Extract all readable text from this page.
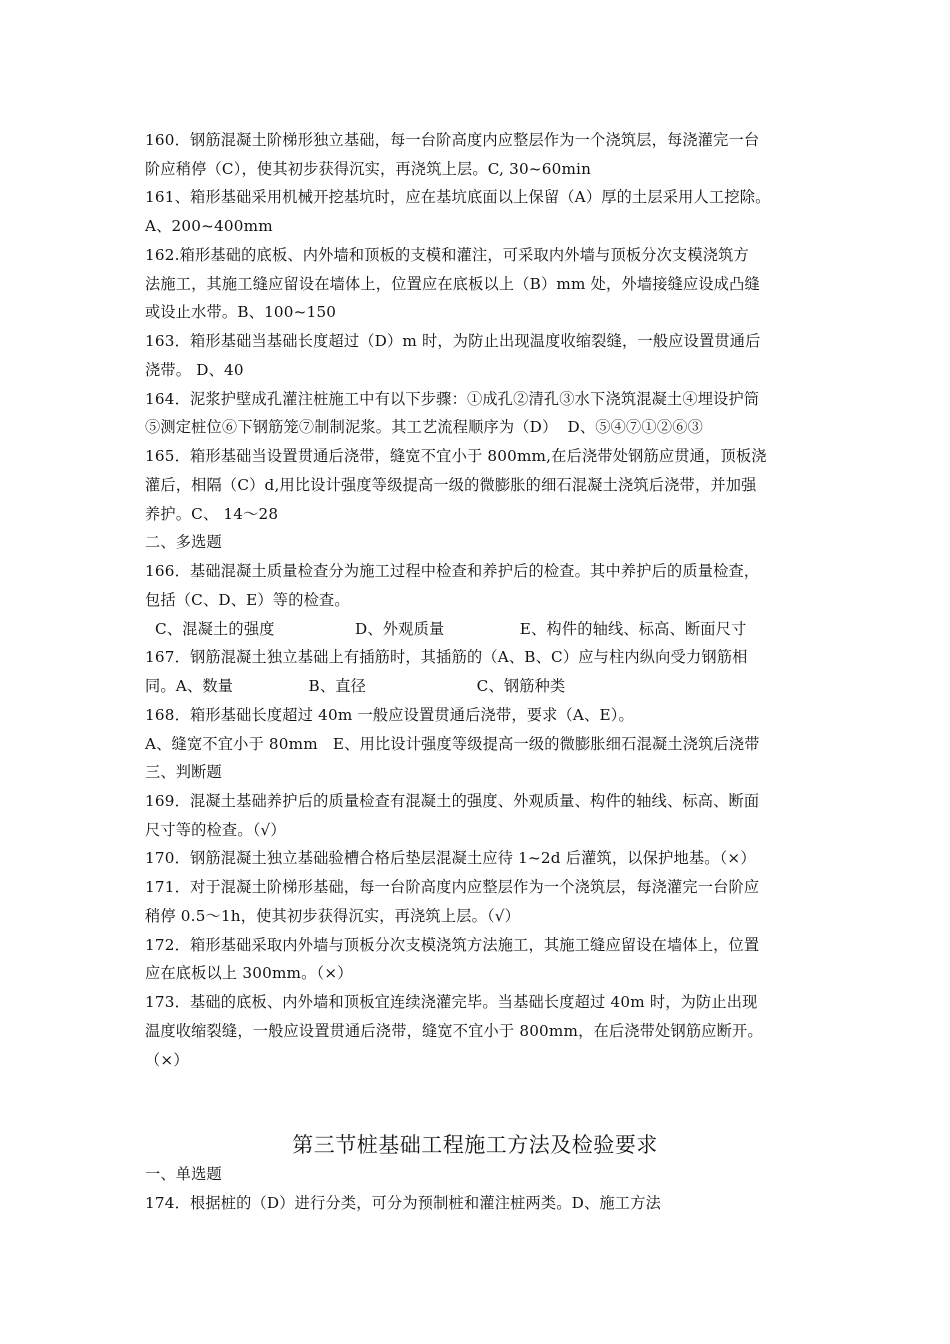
160．钢筋混凝土阶梯形独立基础，每一台阶高度内应整层作为一个浇筑层，每浇灌完一台
阶应稍停（C），使其初步获得沉实，再浇筑上层。C, 30~60min
161、箱形基础采用机械开挖基坑时，应在基坑底面以上保留（A）厚的土层采用人工挖除。
A、200~400mm
162.箱形基础的底板、内外墙和顶板的支模和灌注，可采取内外墙与顶板分次支模浇筑方
法施工，其施工缝应留设在墙体上，位置应在底板以上（B）mm 处，外墙接缝应设成凸缝
或设止水带。B、100~150
163．箱形基础当基础长度超过（D）m 时，为防止出现温度收缩裂缝，一般应设置贯通后
浇带。 D、40
164．泥浆护壁成孔灌注桩施工中有以下步骤：①成孔②清孔③水下浇筑混凝土④埋设护筒
⑤测定桩位⑥下钢筋笼⑦制制泥浆。其工艺流程顺序为（D）  D、⑤④⑦①②⑥③
165．箱形基础当设置贯通后浇带，缝宽不宜小于 800mm,在后浇带处钢筋应贯通，顶板浇
灌后，相隔（C）d,用比设计强度等级提高一级的微膨胀的细石混凝土浇筑后浇带，并加强
养护。C、 14～28
二、多选题
166．基础混凝土质量检查分为施工过程中检查和养护后的检查。其中养护后的质量检查，
包括（C、D、E）等的检查。
C、混凝土的强度                D、外观质量               E、构件的轴线、标高、断面尺寸
167．钢筋混凝土独立基础上有插筋时，其插筋的（A、B、C）应与柱内纵向受力钢筋相
同。A、数量               B、直径                      C、钢筋种类
168．箱形基础长度超过 40m 一般应设置贯通后浇带，要求（A、E）。
A、缝宽不宜小于 80mm   E、用比设计强度等级提高一级的微膨胀细石混凝土浇筑后浇带
三、判断题
169．混凝土基础养护后的质量检查有混凝土的强度、外观质量、构件的轴线、标高、断面
尺寸等的检查。（√）
170．钢筋混凝土独立基础验槽合格后垫层混凝土应待 1~2d 后灌筑，以保护地基。（×）
171．对于混凝土阶梯形基础，每一台阶高度内应整层作为一个浇筑层，每浇灌完一台阶应
稍停 0.5～1h，使其初步获得沉实，再浇筑上层。（√）
172．箱形基础采取内外墙与顶板分次支模浇筑方法施工，其施工缝应留设在墙体上，位置
应在底板以上 300mm。（×）
173．基础的底板、内外墙和顶板宜连续浇灌完毕。当基础长度超过 40m 时，为防止出现
温度收缩裂缝，一般应设置贯通后浇带，缝宽不宜小于 800mm，在后浇带处钢筋应断开。
（×）
第三节桩基础工程施工方法及检验要求
一、单选题
174．根据桩的（D）进行分类，可分为预制桩和灌注桩两类。D、施工方法
